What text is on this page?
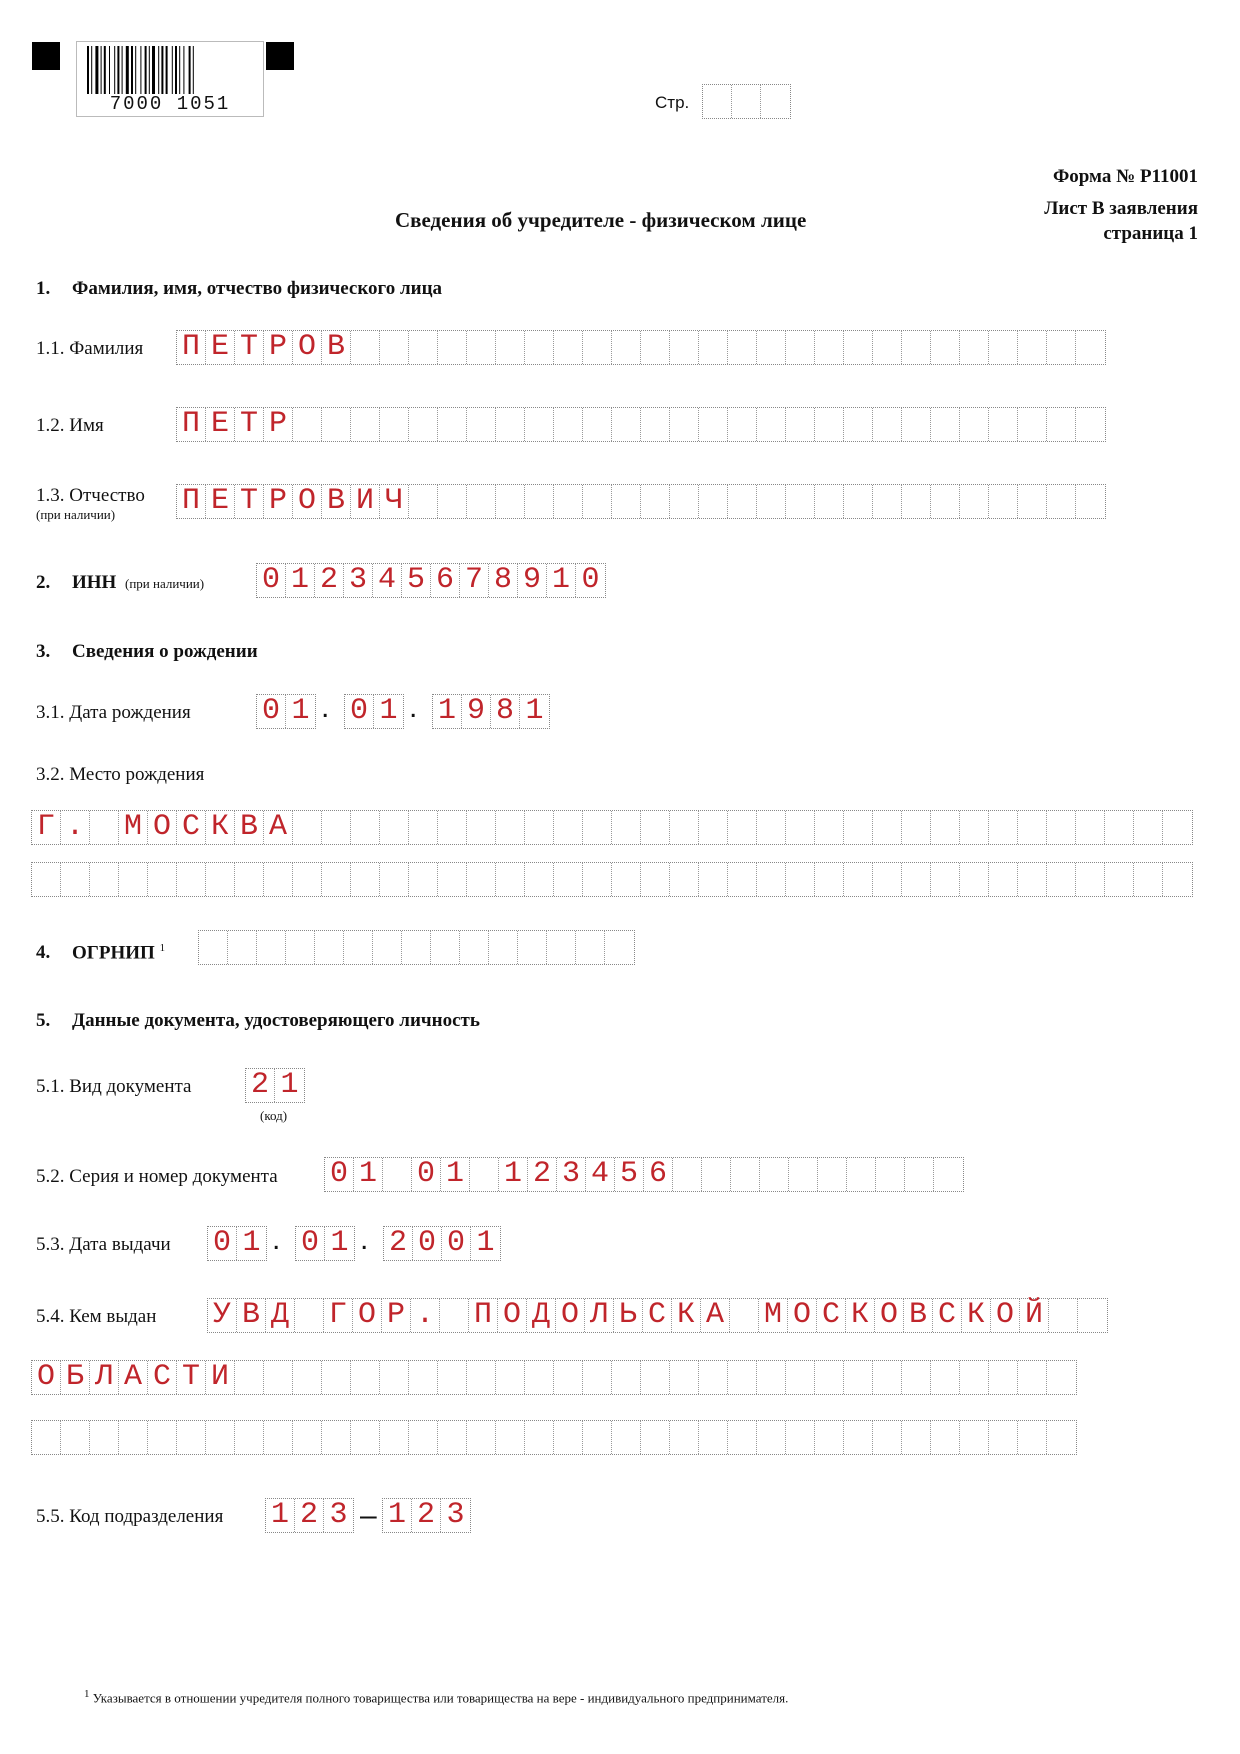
7000 1051	Стр.
Форма № Р11001
Лист В заявления
страница 1
Сведения об учредителе - физическом лице
1. Фамилия, имя, отчество физического лица
1.1. Фамилия П Е Т Р О В
1.2. Имя	П Е Т Р
1.3. Отчество
(при наличии) П Е Т Р О В И Ч
2. ИНН (при наличии) 0 1 2 3 4 5 6 7 8 9 1 0
3. Сведения о рождении
3.1. Дата рождения 0 1 . 0 1 . 1 9 8 1
3.2. Место рождения
Г . М О С К В А
4. ОГРНИП $^1$
5. Данные документа, удостоверяющего личность
5.1. Вид документа 2 1
(код)
5.2. Серия и номер документа 0 1 0 1 1 2 3 4 5 6
5.3. Дата выдачи 0 1 . 0 1 . 2 0 0 1
5.4. Кем выдан У В Д Г О Р . П О Д О Л Ь С К А М О С К О В С К О Й
О Б Л А С Т И
5.5. Код подразделения 1 2 3 – 1 2 3
$^1$ Указывается в отношении учредителя полного товарищества или товарищества на вере - индивидуального предпринимателя.
